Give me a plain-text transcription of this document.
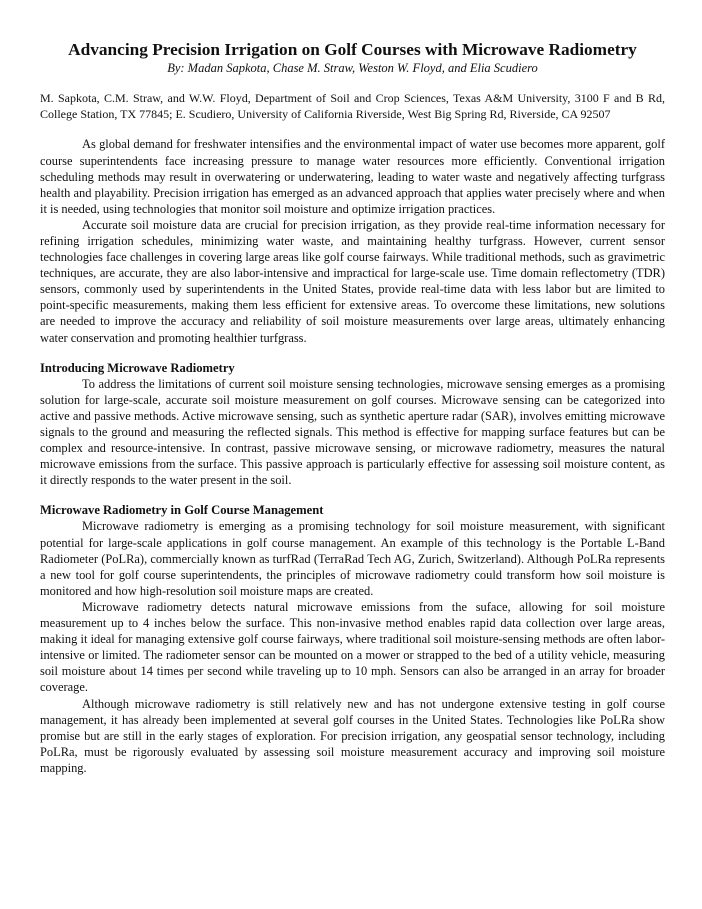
Advancing Precision Irrigation on Golf Courses with Microwave Radiometry

By: Madan Sapkota, Chase M. Straw, Weston W. Floyd, and Elia Scudiero

M. Sapkota, C.M. Straw, and W.W. Floyd, Department of Soil and Crop Sciences, Texas A&M University, 3100 F and B Rd, College Station, TX 77845; E. Scudiero, University of California Riverside, West Big Spring Rd, Riverside, CA 92507

As global demand for freshwater intensifies and the environmental impact of water use becomes more apparent, golf course superintendents face increasing pressure to manage water resources more efficiently. Conventional irrigation scheduling methods may result in overwatering or underwatering, leading to water waste and negatively affecting turfgrass health and playability. Precision irrigation has emerged as an advanced approach that applies water precisely where and when it is needed, using technologies that monitor soil moisture and optimize irrigation practices.

Accurate soil moisture data are crucial for precision irrigation, as they provide real-time information necessary for refining irrigation schedules, minimizing water waste, and maintaining healthy turfgrass. However, current sensor technologies face challenges in covering large areas like golf course fairways. While traditional methods, such as gravimetric techniques, are accurate, they are also labor-intensive and impractical for large-scale use. Time domain reflectometry (TDR) sensors, commonly used by superintendents in the United States, provide real-time data with less labor but are limited to point-specific measurements, making them less efficient for extensive areas. To overcome these limitations, new solutions are needed to improve the accuracy and reliability of soil moisture measurements over large areas, ultimately enhancing water conservation and promoting healthier turfgrass.

Introducing Microwave Radiometry

To address the limitations of current soil moisture sensing technologies, microwave sensing emerges as a promising solution for large-scale, accurate soil moisture measurement on golf courses. Microwave sensing can be categorized into active and passive methods. Active microwave sensing, such as synthetic aperture radar (SAR), involves emitting microwave signals to the ground and measuring the reflected signals. This method is effective for mapping surface features but can be complex and resource-intensive. In contrast, passive microwave sensing, or microwave radiometry, measures the natural microwave emissions from the surface. This passive approach is particularly effective for assessing soil moisture content, as it directly responds to the water present in the soil.

Microwave Radiometry in Golf Course Management

Microwave radiometry is emerging as a promising technology for soil moisture measurement, with significant potential for large-scale applications in golf course management. An example of this technology is the Portable L-Band Radiometer (PoLRa), commercially known as turfRad (TerraRad Tech AG, Zurich, Switzerland). Although PoLRa represents a new tool for golf course superintendents, the principles of microwave radiometry could transform how soil moisture is monitored and how high-resolution soil moisture maps are created.

Microwave radiometry detects natural microwave emissions from the suface, allowing for soil moisture measurement up to 4 inches below the surface. This non-invasive method enables rapid data collection over large areas, making it ideal for managing extensive golf course fairways, where traditional soil moisture-sensing methods are often labor-intensive or limited. The radiometer sensor can be mounted on a mower or strapped to the bed of a utility vehicle, measuring soil moisture about 14 times per second while traveling up to 10 mph. Sensors can also be arranged in an array for broader coverage.

Although microwave radiometry is still relatively new and has not undergone extensive testing in golf course management, it has already been implemented at several golf courses in the United States. Technologies like PoLRa show promise but are still in the early stages of exploration. For precision irrigation, any geospatial sensor technology, including PoLRa, must be rigorously evaluated by assessing soil moisture measurement accuracy and improving soil moisture mapping.
